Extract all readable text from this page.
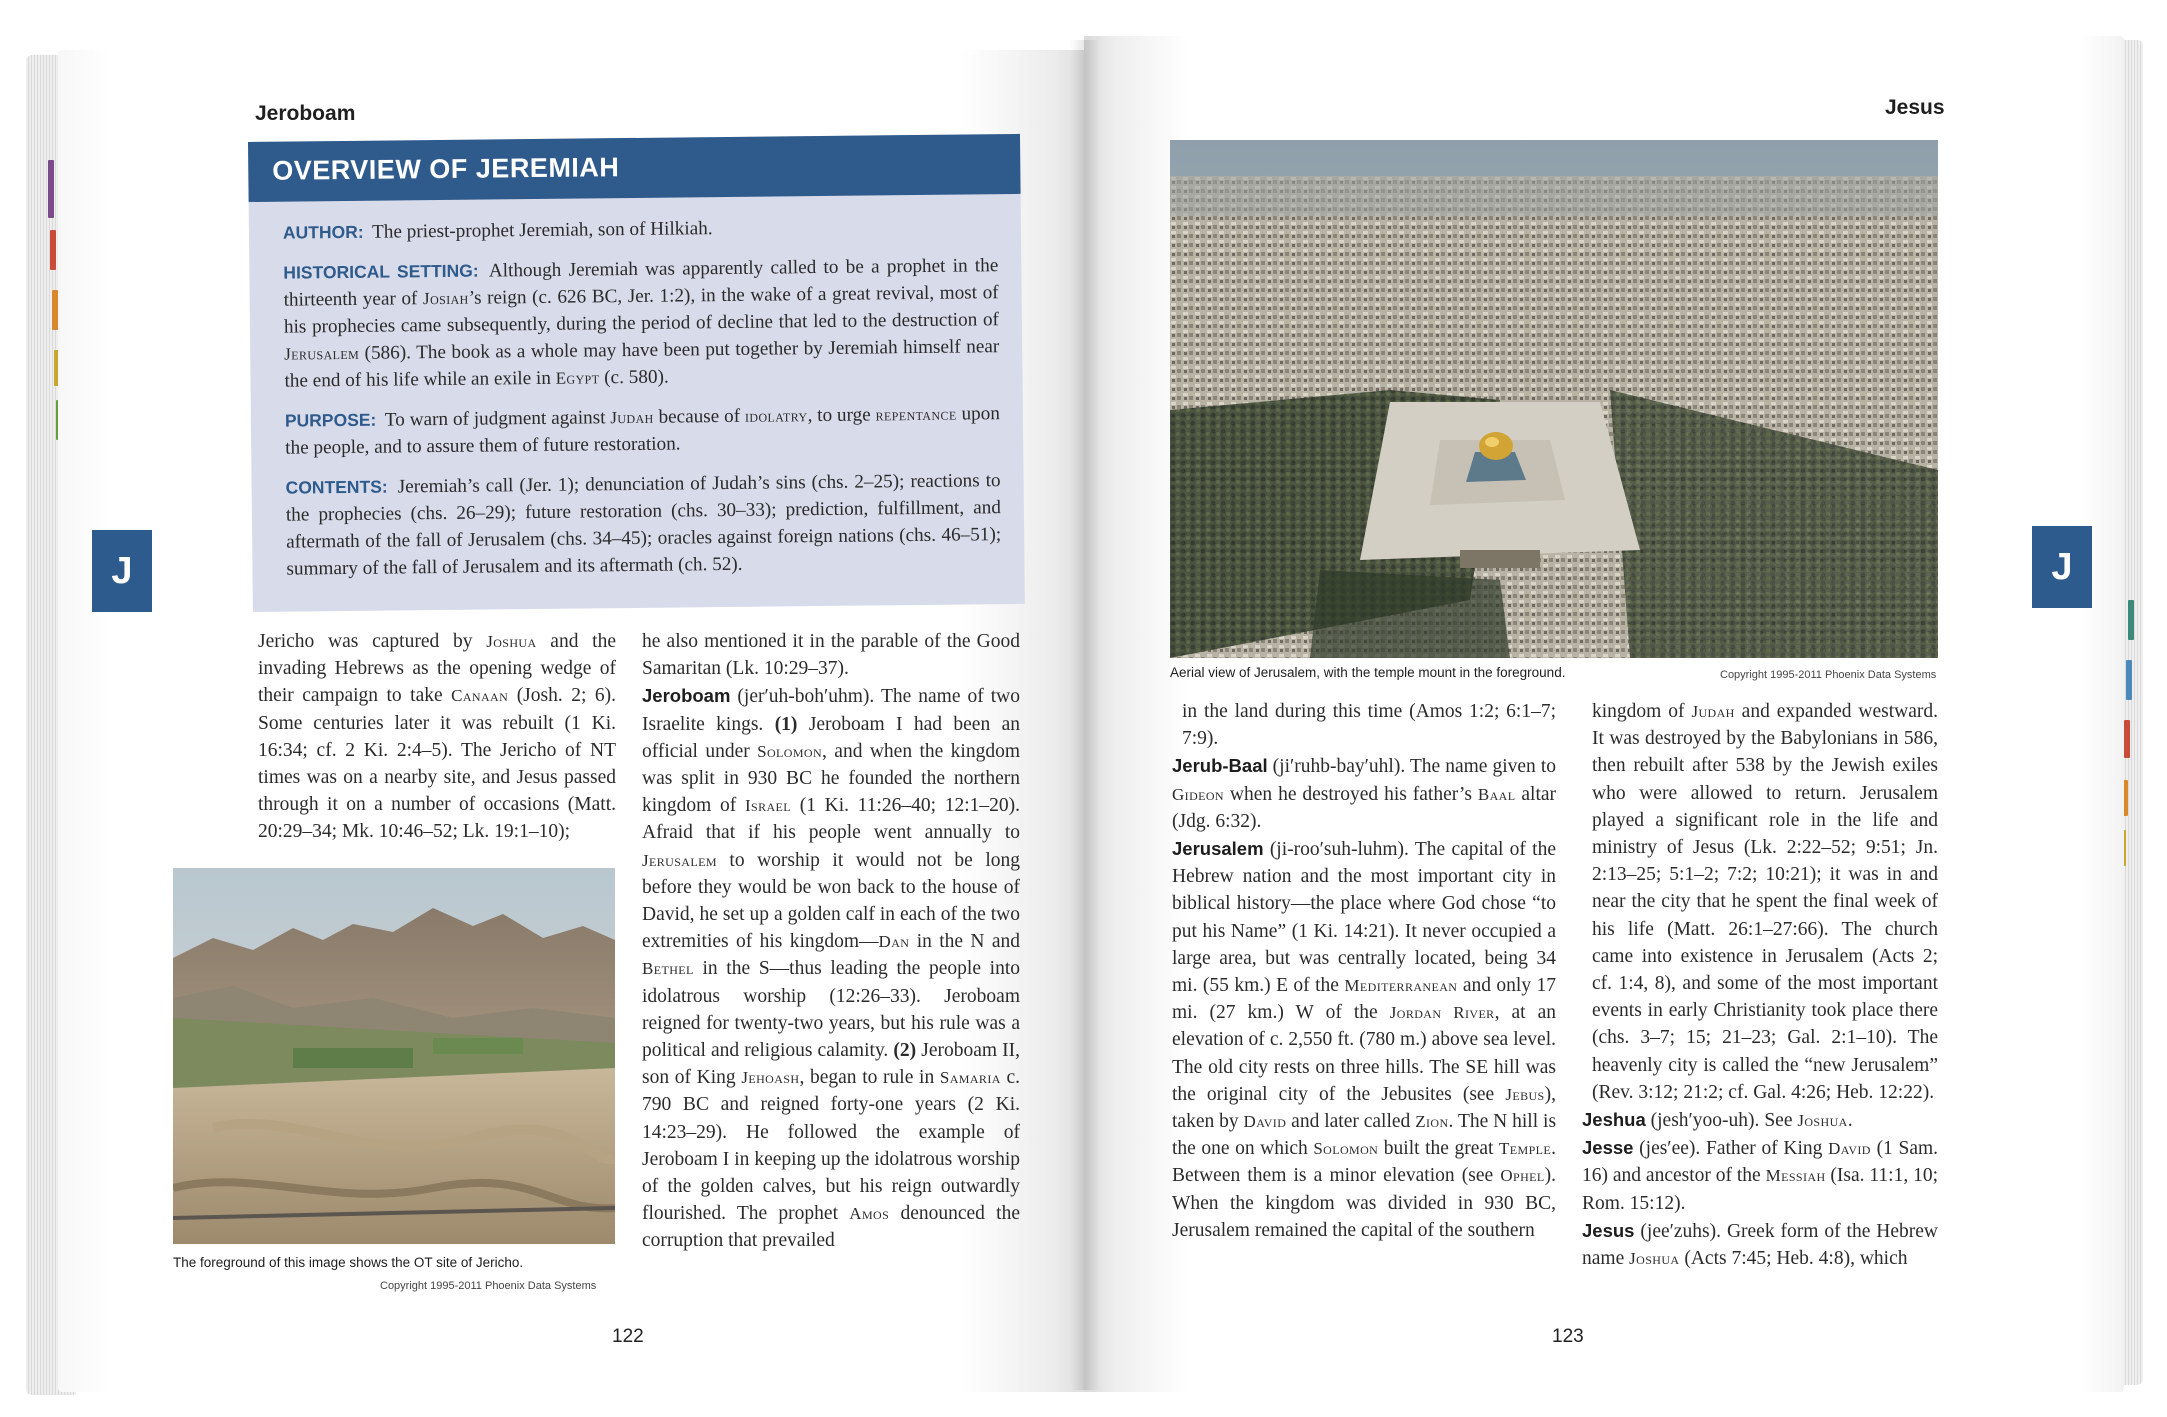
Jeroboam
J
OVERVIEW OF JEREMIAH

AUTHOR: The priest-prophet Jeremiah, son of Hilkiah.

HISTORICAL SETTING: Although Jeremiah was apparently called to be a prophet in the thirteenth year of Josiah’s reign (c. 626 BC, Jer. 1:2), in the wake of a great revival, most of his prophecies came subsequently, during the period of decline that led to the destruction of Jerusalem (586). The book as a whole may have been put together by Jeremiah himself near the end of his life while an exile in Egypt (c. 580).

PURPOSE: To warn of judgment against Judah because of idolatry, to urge repentance upon the people, and to assure them of future restoration.

CONTENTS: Jeremiah’s call (Jer. 1); denunciation of Judah’s sins (chs. 2–25); reactions to the prophecies (chs. 26–29); future restoration (chs. 30–33); prediction, fulfillment, and aftermath of the fall of Jerusalem (chs. 34–45); oracles against foreign nations (chs. 46–51); summary of the fall of Jerusalem and its aftermath (ch. 52).

Jericho was captured by Joshua and the invading Hebrews as the opening wedge of their campaign to take Canaan (Josh. 2; 6). Some centuries later it was rebuilt (1 Ki. 16:34; cf. 2 Ki. 2:4–5). The Jericho of NT times was on a nearby site, and Jesus passed through it on a number of occasions (Matt. 20:29–34; Mk. 10:46–52; Lk. 19:1–10);

The foreground of this image shows the OT site of Jericho.
Copyright 1995-2011 Phoenix Data Systems

he also mentioned it in the parable of the Good Samaritan (Lk. 10:29–37).

Jeroboam (jer′uh-boh′uhm). The name of two Israelite kings. (1) Jeroboam I had been an official under Solomon, and when the kingdom was split in 930 BC he founded the northern kingdom of Israel (1 Ki. 11:26–40; 12:1–20). Afraid that if his people went annually to Jerusalem to worship it would not be long before they would be won back to the house of David, he set up a golden calf in each of the two extremities of his kingdom—Dan in the N and Bethel in the S—thus leading the people into idolatrous worship (12:26–33). Jeroboam reigned for twenty-two years, but his rule was a political and religious calamity. (2) Jeroboam II, son of King Jehoash, began to rule in Samaria c. 790 BC and reigned forty-one years (2 Ki. 14:23–29). He followed the example of Jeroboam I in keeping up the idolatrous worship of the golden calves, but his reign outwardly flourished. The prophet Amos denounced the corruption that prevailed

122
Jesus
J
Aerial view of Jerusalem, with the temple mount in the foreground.	Copyright 1995-2011 Phoenix Data Systems

in the land during this time (Amos 1:2; 6:1–7; 7:9).

Jerub-Baal (ji′ruhb-bay′uhl). The name given to Gideon when he destroyed his father’s Baal altar (Jdg. 6:32).

Jerusalem (ji-roo′suh-luhm). The capital of the Hebrew nation and the most important city in biblical history—the place where God chose “to put his Name” (1 Ki. 14:21). It never occupied a large area, but was centrally located, being 34 mi. (55 km.) E of the Mediterranean and only 17 mi. (27 km.) W of the Jordan River, at an elevation of c. 2,550 ft. (780 m.) above sea level. The old city rests on three hills. The SE hill was the original city of the Jebusites (see Jebus), taken by David and later called Zion. The N hill is the one on which Solomon built the great Temple. Between them is a minor elevation (see Ophel). When the kingdom was divided in 930 BC, Jerusalem remained the capital of the southern

kingdom of Judah and expanded westward. It was destroyed by the Babylonians in 586, then rebuilt after 538 by the Jewish exiles who were allowed to return. Jerusalem played a significant role in the life and ministry of Jesus (Lk. 2:22–52; 9:51; Jn. 2:13–25; 5:1–2; 7:2; 10:21); it was in and near the city that he spent the final week of his life (Matt. 26:1–27:66). The church came into existence in Jerusalem (Acts 2; cf. 1:4, 8), and some of the most important events in early Christianity took place there (chs. 3–7; 15; 21–23; Gal. 2:1–10). The heavenly city is called the “new Jerusalem” (Rev. 3:12; 21:2; cf. Gal. 4:26; Heb. 12:22).

Jeshua (jesh′yoo-uh). See Joshua.

Jesse (jes′ee). Father of King David (1 Sam. 16) and ancestor of the Messiah (Isa. 11:1, 10; Rom. 15:12).

Jesus (jee′zuhs). Greek form of the Hebrew name Joshua (Acts 7:45; Heb. 4:8), which

123
